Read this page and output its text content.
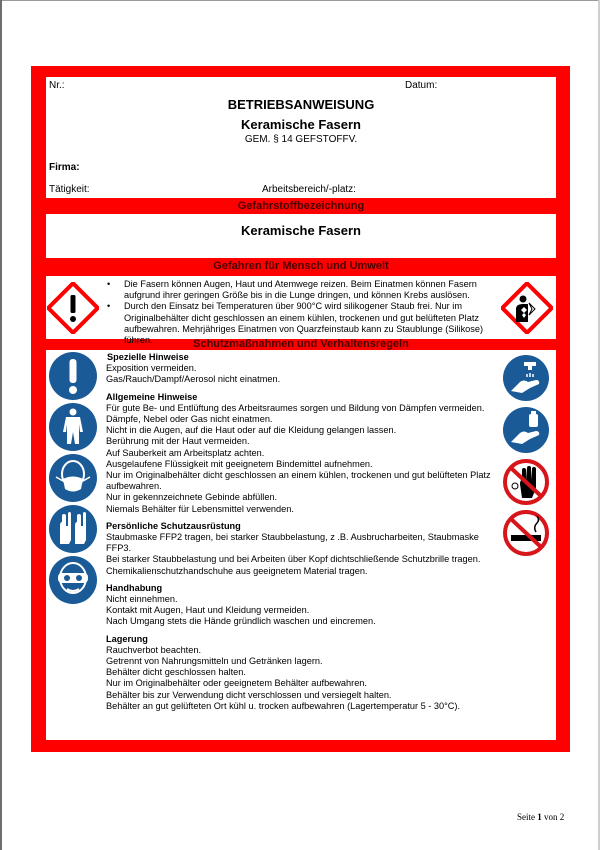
Nr.:	Datum:
BETRIEBSANWEISUNG
Keramische Fasern
GEM. § 14 GEFSTOFFV.
Firma:
Tätigkeit:	Arbeitsbereich/-platz:
Gefahrstoffbezeichnung
Keramische Fasern
Gefahren für Mensch und Umwelt
Schutzmaßnahmen und Verhaltensregeln
• Die Fasern können Augen, Haut und Atemwege reizen. Beim Einatmen können Fasern aufgrund ihrer geringen Größe bis in die Lunge dringen, und können Krebs auslösen.
• Durch den Einsatz bei Temperaturen über 900°C wird silikogener Staub frei. Nur im Originalbehälter dicht geschlossen an einem kühlen, trockenen und gut belüfteten Platz aufbewahren. Mehrjähriges Einatmen von Quarzfeinstaub kann zu Staublunge (Silikose) führen.
Spezielle Hinweise
Exposition vermeiden.
Gas/Rauch/Dampf/Aerosol nicht einatmen.
Allgemeine Hinweise
Für gute Be- und Entlüftung des Arbeitsraumes sorgen und Bildung von Dämpfen vermeiden.
Dämpfe, Nebel oder Gas nicht einatmen.
Nicht in die Augen, auf die Haut oder auf die Kleidung gelangen lassen.
Berührung mit der Haut vermeiden.
Auf Sauberkeit am Arbeitsplatz achten.
Ausgelaufene Flüssigkeit mit geeignetem Bindemittel aufnehmen.
Nur im Originalbehälter dicht geschlossen an einem kühlen, trockenen und gut belüfteten Platz aufbewahren.
Nur in gekennzeichnete Gebinde abfüllen.
Niemals Behälter für Lebensmittel verwenden.
Persönliche Schutzausrüstung
Staubmaske FFP2 tragen, bei starker Staubbelastung, z .B. Ausbrucharbeiten, Staubmaske FFP3.
Bei starker Staubbelastung und bei Arbeiten über Kopf dichtschließende Schutzbrille tragen.
Chemikalienschutzhandschuhe aus geeignetem Material tragen.
Handhabung
Nicht einnehmen.
Kontakt mit Augen, Haut und Kleidung vermeiden.
Nach Umgang stets die Hände gründlich waschen und eincremen.
Lagerung
Rauchverbot beachten.
Getrennt von Nahrungsmitteln und Getränken lagern.
Behälter dicht geschlossen halten.
Nur im Originalbehälter oder geeignetem Behälter aufbewahren.
Behälter bis zur Verwendung dicht verschlossen und versiegelt halten.
Behälter an gut gelüfteten Ort kühl u. trocken aufbewahren (Lagertemperatur 5 - 30°C).
Seite 1 von 2
